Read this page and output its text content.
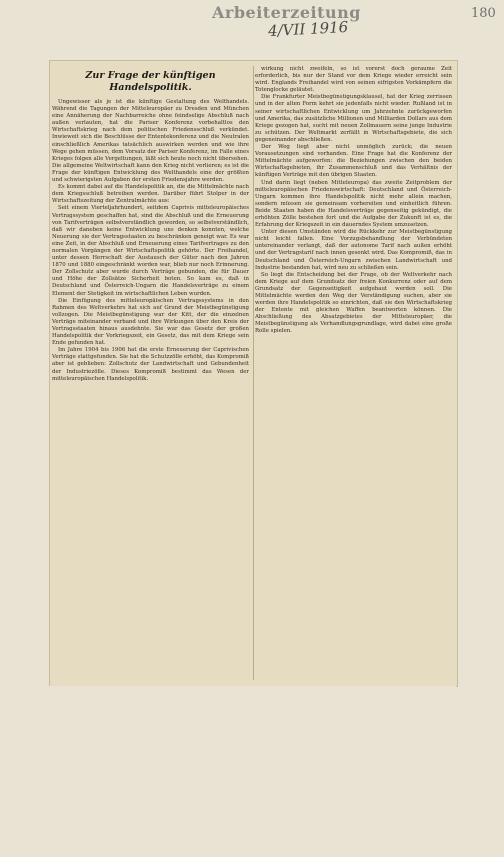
Arbeiterzeitung
4/VII 1916
180
Zur Frage der künftigen Handelspolitik.
Ungewisser als je ist die künftige Gestaltung des Welthandels. Während die Tagungen der Mitteleuropäer zu Dresden und München eine Annäherung der Nachbarreiche ohne feindselige Abschluß nach außen verlauten, hat die Pariser Konferenz vorbehaltlos den Wirtschaftskrieg nach dem politischen Friedensschluß verkündet. Inwieweit sich die Beschlüsse der Ententekonferenz und die Neutralen einschließlich Amerikas tatsächlich auswirken werden und wie ihre Wege gehen müssen, dem Vorsatz der Pariser Konferenz, im Falle eines Krieges folgen alle Vergeltungen, läßt sich heute noch nicht übersehen. Die allgemeine Weltwirtschaft kann den Krieg nicht verlieren; es ist die Frage der künftigen Entwicklung des Welthandels eine der größten und schwierigsten Aufgaben der ersten Friedensjahre werden.
Es kommt dabei auf die Handelspolitik an, die die Mittelmächte nach dem Kriegsschluß betreiben werden. Darüber führt Stolper in der Wirtschaftszeitung der Zentralmächte aus:
Seit einem Vierteljahrhundert, seitdem Caprivis mitteleuropäisches Vertragssystem geschaffen hat, sind die Abschluß und die Erneuerung von Tarifverträgen selbstverständlich geworden, so selbstverständlich, daß wir daneben keine Entwicklung uns denken konnten, welche Neuerung sie der Vertragsstaaten zu beschränken geneigt war. Es war eine Zeit, in der Abschluß und Erneuerung eines Tarifvertrages zu den normalen Vorgängen der Wirtschaftspolitik gehörte. Der Freihandel, unter dessen Herrschaft der Austausch der Güter nach den Jahren 1870 und 1880 eingeschränkt worden war, blieb nur noch Erinnerung. Der Zollschutz aber wurde durch Verträge gebunden, die für Dauer und Höhe der Zollsätze Sicherheit boten. So kam es, daß in Deutschland und Österreich-Ungarn die Handelsverträge zu einem Element der Stetigkeit im wirtschaftlichen Leben wurden.
Die Einfügung des mitteleuropäischen Vertragssystems in den Rahmen des Weltverkehrs hat sich auf Grund der Meistbegünstigung vollzogen. Die Meistbegünstigung war der Kitt, der die einzelnen Verträge miteinander verband und ihre Wirkungen über den Kreis der Vertragsstaaten hinaus ausdehnte. Sie war das Gesetz der großen Handelspolitik der Vorkriegszeit, ein Gesetz, das mit dem Kriege sein Ende gefunden hat.
Im Jahre 1904 bis 1906 hat die erste Erneuerung der Caprivischen Verträge stattgefunden. Sie hat die Schutzzölle erhöht, das Kompromiß aber ist geblieben: Zollschutz der Landwirtschaft und Gebundenheit der Industriezölle. Dieses Kompromiß bestimmt das Wesen der mitteleuropäischen Handelspolitik.
wirkung nicht zweifeln, so ist vorerst doch geraume Zeit erforderlich, bis nur der Stand vor dem Kriege wieder erreicht sein wird. Englands Freihandel wird von seinen eifrigsten Vorkämpfern die Totenglocke geläutet.
Die Frankfurter Meistbegünstigungsklausel, hat der Krieg zerrissen und in der alten Form kehrt sie jedenfalls nicht wieder. Rußland ist in seiner wirtschaftlichen Entwicklung um Jahrzehnte zurückgeworfen und Amerika, das zusätzliche Millionen und Milliarden Dollars aus dem Kriege gezogen hat, sucht mit neuen Zollmauern seine junge Industrie zu schützen. Der Weltmarkt zerfällt in Wirtschaftsgebiete, die sich gegeneinander abschließen.
Der Weg liegt aber nicht unmöglich zurück; die neuen Vorausetzungen sind vorhanden. Eine Frage hat die Konferenz der Mittelmächte aufgeworfen: die Beziehungen zwischen den beiden Wirtschaftsgebieten, ihr Zusammenschluß und das Verhältnis der künftigen Verträge mit den übrigen Staaten.
Und darin liegt (neben Mitteleuropa) das zweite Zeitproblem der mitteleuropäischen Friedenswirtschaft: Deutschland und Österreich-Ungarn kommen ihre Handelspolitik nicht mehr allein machen, sondern müssen sie gemeinsam vorbereiten und einheitlich führen. Beide Staaten haben die Handelsverträge gegenseitig gekündigt, die erhöhten Zölle bestehen fort und die Aufgabe der Zukunft ist es, die Erfahrung der Kriegszeit in ein dauerndes System umzusetzen.
Unter diesen Umständen wird die Rückkehr zur Meistbegünstigung nicht leicht fallen. Eine Vorzugsbehandlung der Verbündeten untereinander verlangt, daß der autonome Tarif nach außen erhöht und der Vertragstarif nach innen gesenkt wird. Das Kompromiß, das in Deutschland und Österreich-Ungarn zwischen Landwirtschaft und Industrie bestanden hat, wird neu zu schließen sein.
So liegt die Entscheidung bei der Frage, ob der Weltverkehr nach dem Kriege auf dem Grundsatz der freien Konkurrenz oder auf dem Grundsatz der Gegenseitigkeit aufgebaut werden soll. Die Mittelmächte werden den Weg der Verständigung suchen, aber sie werden ihre Handelspolitik so einrichten, daß sie den Wirtschaftskrieg der Entente mit gleichen Waffen beantworten können. Die Abschließung des Absatzgebietes der Mitteleuropäer, die Meistbegünstigung als Verhandlungsgrundlage, wird dabei eine große Rolle spielen.
